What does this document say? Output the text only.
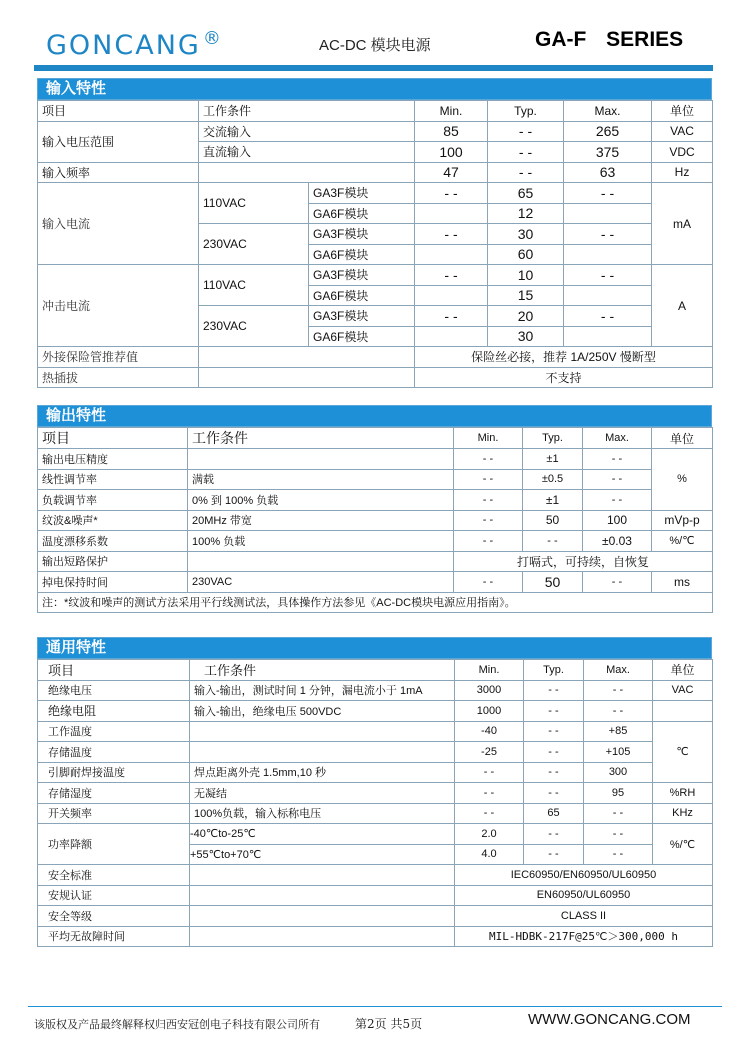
GONCANG ®	AC-DC 模块电源	GA-F SERIES
输入特性
项目	工作条件		Min.	Typ.	Max.	单位
输入电压范围	交流输入		85	- -	265	VAC
	直流输入		100	- -	375	VDC
输入频率			47	- -	63	Hz
输入电流	110VAC	GA3F模块	- -	65	- -	mA
		GA6F模块		12		
	230VAC	GA3F模块	- -	30	- -	
		GA6F模块		60		
冲击电流	110VAC	GA3F模块	- -	10	- -	A
		GA6F模块		15		
	230VAC	GA3F模块	- -	20	- -	
		GA6F模块		30		
外接保险管推荐值			保险丝必接，推荐 1A/250V 慢断型			
热插拔			不支持			
输出特性
项目	工作条件	Min.	Typ.	Max.	单位
输出电压精度		- -	±1	- -	%
线性调节率	满载	- -	±0.5	- -	
负载调节率	0% 到 100% 负载	- -	±1	- -	
纹波&噪声*	20MHz 带宽	- -	50	100	mVp-p
温度漂移系数	100% 负载	- -	- -	±0.03	%/℃
输出短路保护		打嗝式，可持续，自恢复			
掉电保持时间	230VAC	- -	50	- -	ms
注：*纹波和噪声的测试方法采用平行线测试法，具体操作方法参见《AC-DC模块电源应用指南》。					
通用特性
项目	工作条件	Min.	Typ.	Max.	单位
绝缘电压	输入-输出，测试时间 1 分钟，漏电流小于 1mA	3000	- -	- -	VAC
绝缘电阻	输入-输出，绝缘电压 500VDC	1000	- -	- -	
工作温度		-40	- -	+85	℃
存储温度		-25	- -	+105	
引脚耐焊接温度	焊点距离外壳 1.5mm,10 秒	- -	- -	300	
存储湿度	无凝结	- -	- -	95	%RH
开关频率	100%负载，输入标称电压	- -	65	- -	KHz
功率降额	-40℃to-25℃	2.0	- -	- -	%/℃
	+55℃to+70℃	4.0	- -	- -	
安全标准		IEC60950/EN60950/UL60950			
安规认证		EN60950/UL60950			
安全等级		CLASS II			
平均无故障时间		MIL-HDBK-217F@25℃＞300,000 h			
该版权及产品最终解释权归西安冠创电子科技有限公司所有	第2页 共5页	WWW.GONCANG.COM
